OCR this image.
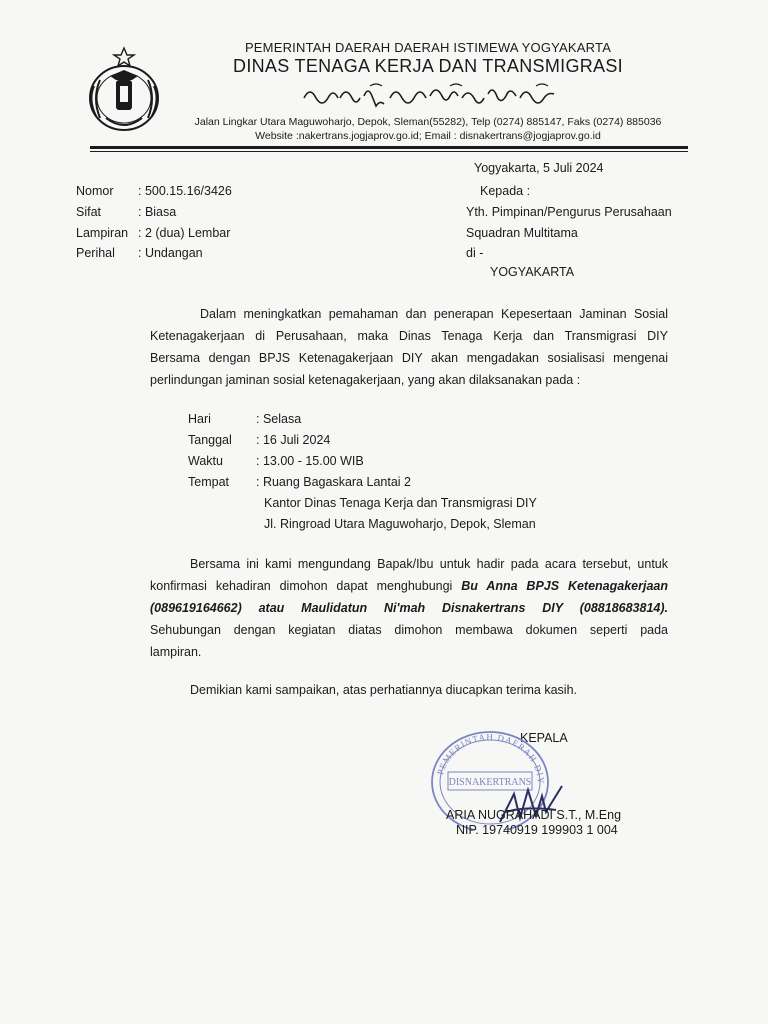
PEMERINTAH DAERAH DAERAH ISTIMEWA YOGYAKARTA
DINAS TENAGA KERJA DAN TRANSMIGRASI
Jalan Lingkar Utara Maguwoharjo, Depok, Sleman(55282), Telp (0274) 885147, Faks (0274) 885036
Website :nakertrans.jogjaprov.go.id; Email : disnakertrans@jogjaprov.go.id
Yogyakarta, 5 Juli 2024
Nomor : 500.15.16/3426
Sifat	: Biasa
Lampiran : 2 (dua) Lembar
Perihal : Undangan
Kepada :
Yth. Pimpinan/Pengurus Perusahaan
Squadran Multitama
di -
YOGYAKARTA
Dalam meningkatkan pemahaman dan penerapan Kepesertaan Jaminan Sosial
Ketenagakerjaan di Perusahaan, maka Dinas Tenaga Kerja dan Transmigrasi DIY
Bersama dengan BPJS Ketenagakerjaan DIY akan mengadakan sosialisasi mengenai
perlindungan jaminan sosial ketenagakerjaan, yang akan dilaksanakan pada :
Hari	: Selasa
Tanggal : 16 Juli 2024
Waktu	: 13.00 - 15.00 WIB
Tempat : Ruang Bagaskara Lantai 2
Kantor Dinas Tenaga Kerja dan Transmigrasi DIY
Jl. Ringroad Utara Maguwoharjo, Depok, Sleman
Bersama ini kami mengundang Bapak/Ibu untuk hadir pada acara tersebut, untuk
konfirmasi kehadiran dimohon dapat menghubungi Bu Anna BPJS Ketenagakerjaan
(089619164662) atau Maulidatun Ni'mah Disnakertrans DIY (08818683814).
Sehubungan dengan kegiatan diatas dimohon membawa dokumen seperti pada
lampiran.
Demikian kami sampaikan, atas perhatiannya diucapkan terima kasih.
KEPALA
PEMERINTAH DAERAH DIY
DISNAKERTRANS
ARIA NUGRAHADI S.T., M.Eng
NIP. 19740919 199903 1 004
